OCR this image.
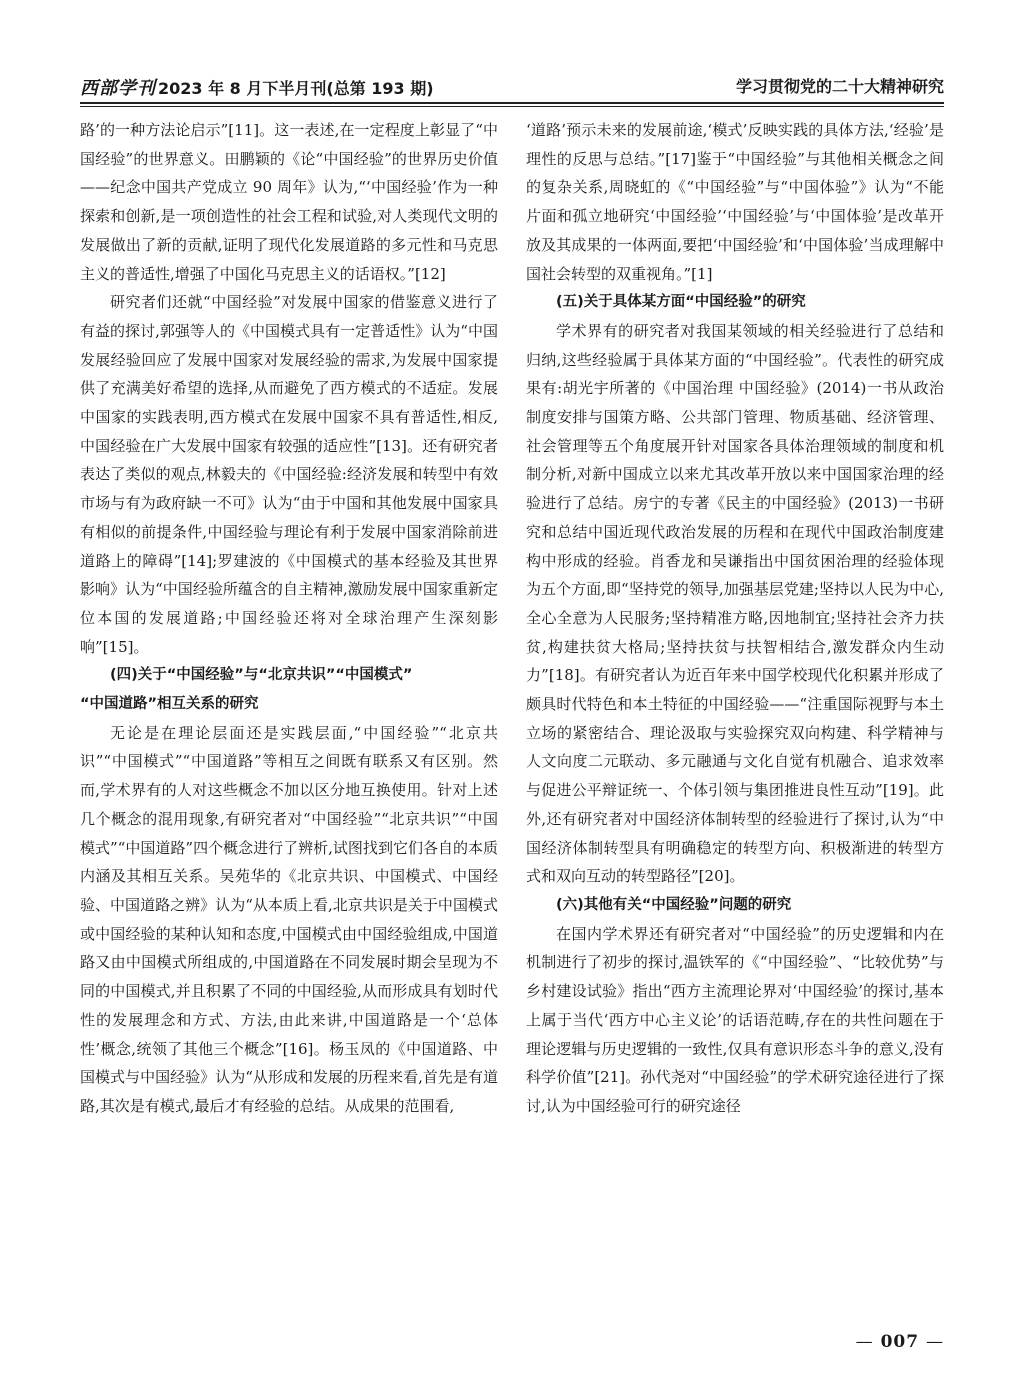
西部学刊 2023 年 8 月下半月刊(总第 193 期)	学习贯彻党的二十大精神研究

路’的一种方法论启示”[11]。这一表述,在一定程度上彰显了“中国经验”的世界意义。田鹏颖的《论“中国经验”的世界历史价值——纪念中国共产党成立 90 周年》认为,“‘中国经验’作为一种探索和创新,是一项创造性的社会工程和试验,对人类现代文明的发展做出了新的贡献,证明了现代化发展道路的多元性和马克思主义的普适性,增强了中国化马克思主义的话语权。”[12]

研究者们还就“中国经验”对发展中国家的借鉴意义进行了有益的探讨,郭强等人的《中国模式具有一定普适性》认为“中国发展经验回应了发展中国家对发展经验的需求,为发展中国家提供了充满美好希望的选择,从而避免了西方模式的不适症。发展中国家的实践表明,西方模式在发展中国家不具有普适性,相反,中国经验在广大发展中国家有较强的适应性”[13]。还有研究者表达了类似的观点,林毅夫的《中国经验:经济发展和转型中有效市场与有为政府缺一不可》认为“由于中国和其他发展中国家具有相似的前提条件,中国经验与理论有利于发展中国家消除前进道路上的障碍”[14];罗建波的《中国模式的基本经验及其世界影响》认为“中国经验所蕴含的自主精神,激励发展中国家重新定位本国的发展道路;中国经验还将对全球治理产生深刻影响”[15]。

(四)关于“中国经验”与“北京共识”“中国模式”
“中国道路”相互关系的研究

无论是在理论层面还是实践层面,“中国经验”“北京共识”“中国模式”“中国道路”等相互之间既有联系又有区别。然而,学术界有的人对这些概念不加以区分地互换使用。针对上述几个概念的混用现象,有研究者对“中国经验”“北京共识”“中国模式”“中国道路”四个概念进行了辨析,试图找到它们各自的本质内涵及其相互关系。吴苑华的《北京共识、中国模式、中国经验、中国道路之辨》认为“从本质上看,北京共识是关于中国模式或中国经验的某种认知和态度,中国模式由中国经验组成,中国道路又由中国模式所组成的,中国道路在不同发展时期会呈现为不同的中国模式,并且积累了不同的中国经验,从而形成具有划时代性的发展理念和方式、方法,由此来讲,中国道路是一个‘总体性’概念,统领了其他三个概念”[16]。杨玉凤的《中国道路、中国模式与中国经验》认为“从形成和发展的历程来看,首先是有道路,其次是有模式,最后才有经验的总结。从成果的范围看,

‘道路’预示未来的发展前途,‘模式’反映实践的具体方法,‘经验’是理性的反思与总结。”[17]鉴于“中国经验”与其他相关概念之间的复杂关系,周晓虹的《“中国经验”与“中国体验”》认为“不能片面和孤立地研究‘中国经验’‘中国经验’与‘中国体验’是改革开放及其成果的一体两面,要把‘中国经验’和‘中国体验’当成理解中国社会转型的双重视角。”[1]

(五)关于具体某方面“中国经验”的研究

学术界有的研究者对我国某领域的相关经验进行了总结和归纳,这些经验属于具体某方面的“中国经验”。代表性的研究成果有:胡光宇所著的《中国治理 中国经验》(2014)一书从政治制度安排与国策方略、公共部门管理、物质基础、经济管理、社会管理等五个角度展开针对国家各具体治理领域的制度和机制分析,对新中国成立以来尤其改革开放以来中国国家治理的经验进行了总结。房宁的专著《民主的中国经验》(2013)一书研究和总结中国近现代政治发展的历程和在现代中国政治制度建构中形成的经验。肖香龙和吴谦指出中国贫困治理的经验体现为五个方面,即“坚持党的领导,加强基层党建;坚持以人民为中心,全心全意为人民服务;坚持精准方略,因地制宜;坚持社会齐力扶贫,构建扶贫大格局;坚持扶贫与扶智相结合,激发群众内生动力”[18]。有研究者认为近百年来中国学校现代化积累并形成了颇具时代特色和本土特征的中国经验——“注重国际视野与本土立场的紧密结合、理论汲取与实验探究双向构建、科学精神与人文向度二元联动、多元融通与文化自觉有机融合、追求效率与促进公平辩证统一、个体引领与集团推进良性互动”[19]。此外,还有研究者对中国经济体制转型的经验进行了探讨,认为“中国经济体制转型具有明确稳定的转型方向、积极渐进的转型方式和双向互动的转型路径”[20]。

(六)其他有关“中国经验”问题的研究

在国内学术界还有研究者对“中国经验”的历史逻辑和内在机制进行了初步的探讨,温铁军的《“中国经验”、“比较优势”与乡村建设试验》指出“西方主流理论界对‘中国经验’的探讨,基本上属于当代‘西方中心主义论’的话语范畴,存在的共性问题在于理论逻辑与历史逻辑的一致性,仅具有意识形态斗争的意义,没有科学价值”[21]。孙代尧对“中国经验”的学术研究途径进行了探讨,认为中国经验可行的研究途径

— 007 —
